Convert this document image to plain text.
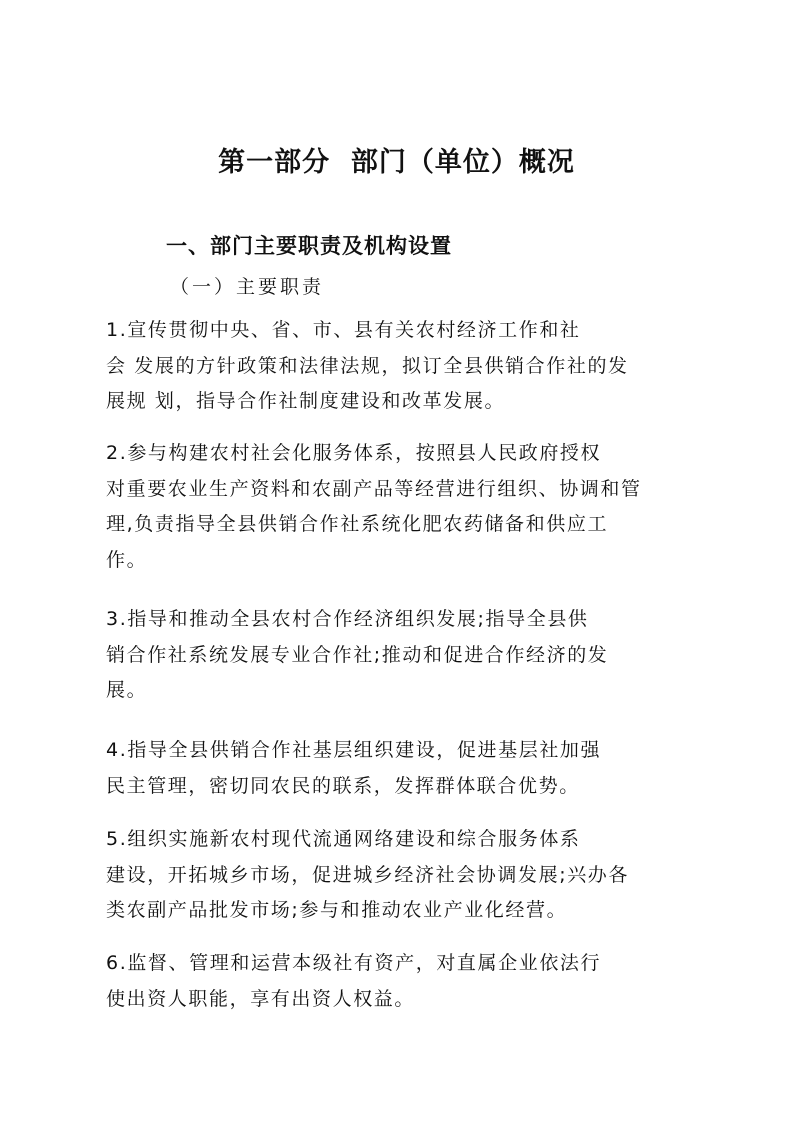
第一部分  部门（单位）概况
一、部门主要职责及机构设置
（一）主要职责
1.宣传贯彻中央、省、市、县有关农村经济工作和社
会 发展的方针政策和法律法规，拟订全县供销合作社的发
展规 划，指导合作社制度建设和改革发展。
2.参与构建农村社会化服务体系，按照县人民政府授权
对重要农业生产资料和农副产品等经营进行组织、协调和管
理,负责指导全县供销合作社系统化肥农药储备和供应工
作。
3.指导和推动全县农村合作经济组织发展;指导全县供
销合作社系统发展专业合作社;推动和促进合作经济的发
展。
4.指导全县供销合作社基层组织建设，促进基层社加强
民主管理，密切同农民的联系，发挥群体联合优势。
5.组织实施新农村现代流通网络建设和综合服务体系
建设，开拓城乡市场，促进城乡经济社会协调发展;兴办各
类农副产品批发市场;参与和推动农业产业化经营。
6.监督、管理和运营本级社有资产，对直属企业依法行
使出资人职能，享有出资人权益。
